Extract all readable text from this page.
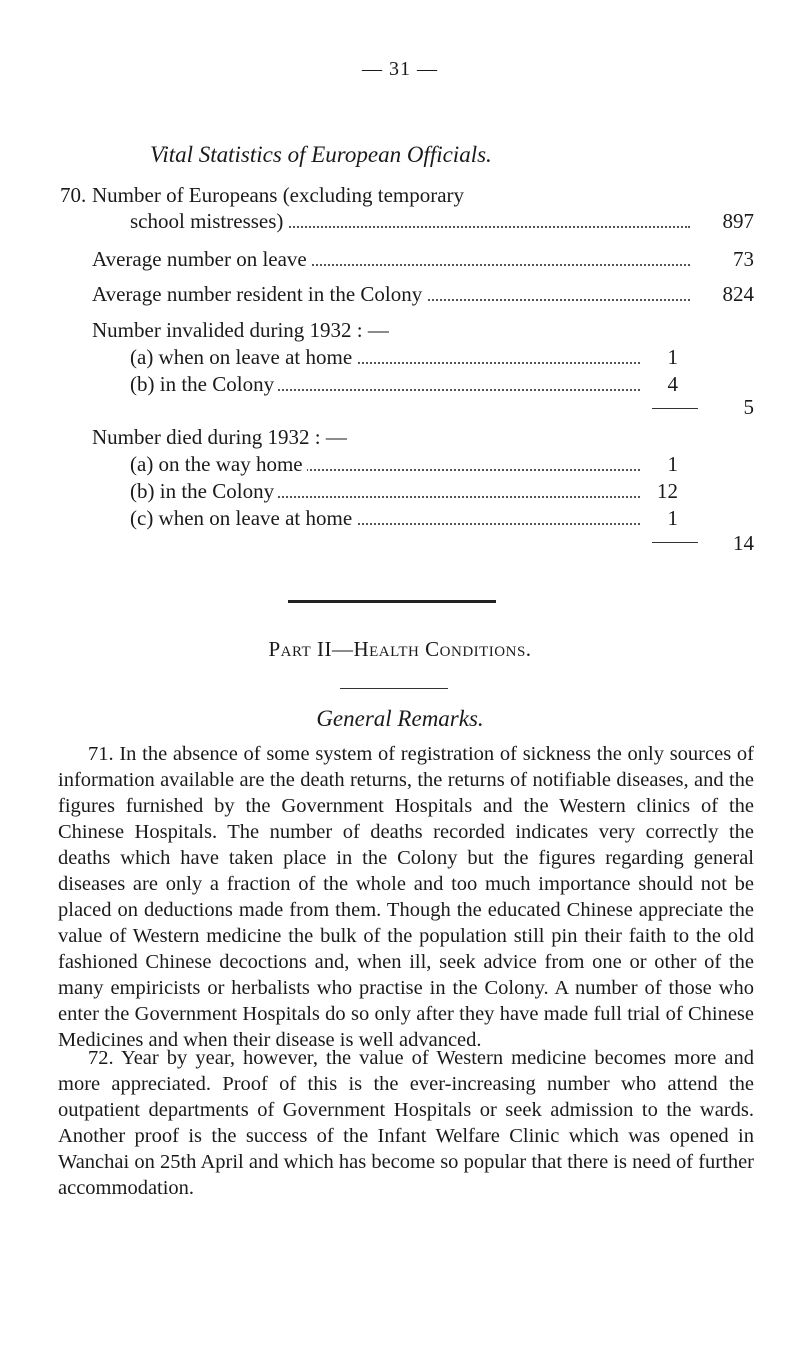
— 31 —
Vital Statistics of European Officials.
70. Number of Europeans (excluding temporary
school mistresses)	897
Average number on leave	73
Average number resident in the Colony	824
Number invalided during 1932 : —
(a) when on leave at home	1
(b) in the Colony	4
5
Number died during 1932 : —
(a) on the way home	1
(b) in the Colony	12
(c) when on leave at home	1
14
Part II—Health Conditions.
General Remarks.

71. In the absence of some system of registration of sickness the only sources of information available are the death returns, the returns of notifiable diseases, and the figures furnished by the Government Hospitals and the Western clinics of the Chinese Hospitals. The number of deaths recorded indicates very correctly the deaths which have taken place in the Colony but the figures regarding general diseases are only a fraction of the whole and too much importance should not be placed on deductions made from them. Though the educated Chinese appreciate the value of Western medicine the bulk of the population still pin their faith to the old fashioned Chinese decoctions and, when ill, seek advice from one or other of the many empiricists or herbalists who practise in the Colony. A number of those who enter the Government Hospitals do so only after they have made full trial of Chinese Medicines and when their disease is well advanced.

72. Year by year, however, the value of Western medicine becomes more and more appreciated. Proof of this is the ever-increasing number who attend the outpatient departments of Government Hospitals or seek admission to the wards. Another proof is the success of the Infant Welfare Clinic which was opened in Wanchai on 25th April and which has become so popular that there is need of further accommodation.
